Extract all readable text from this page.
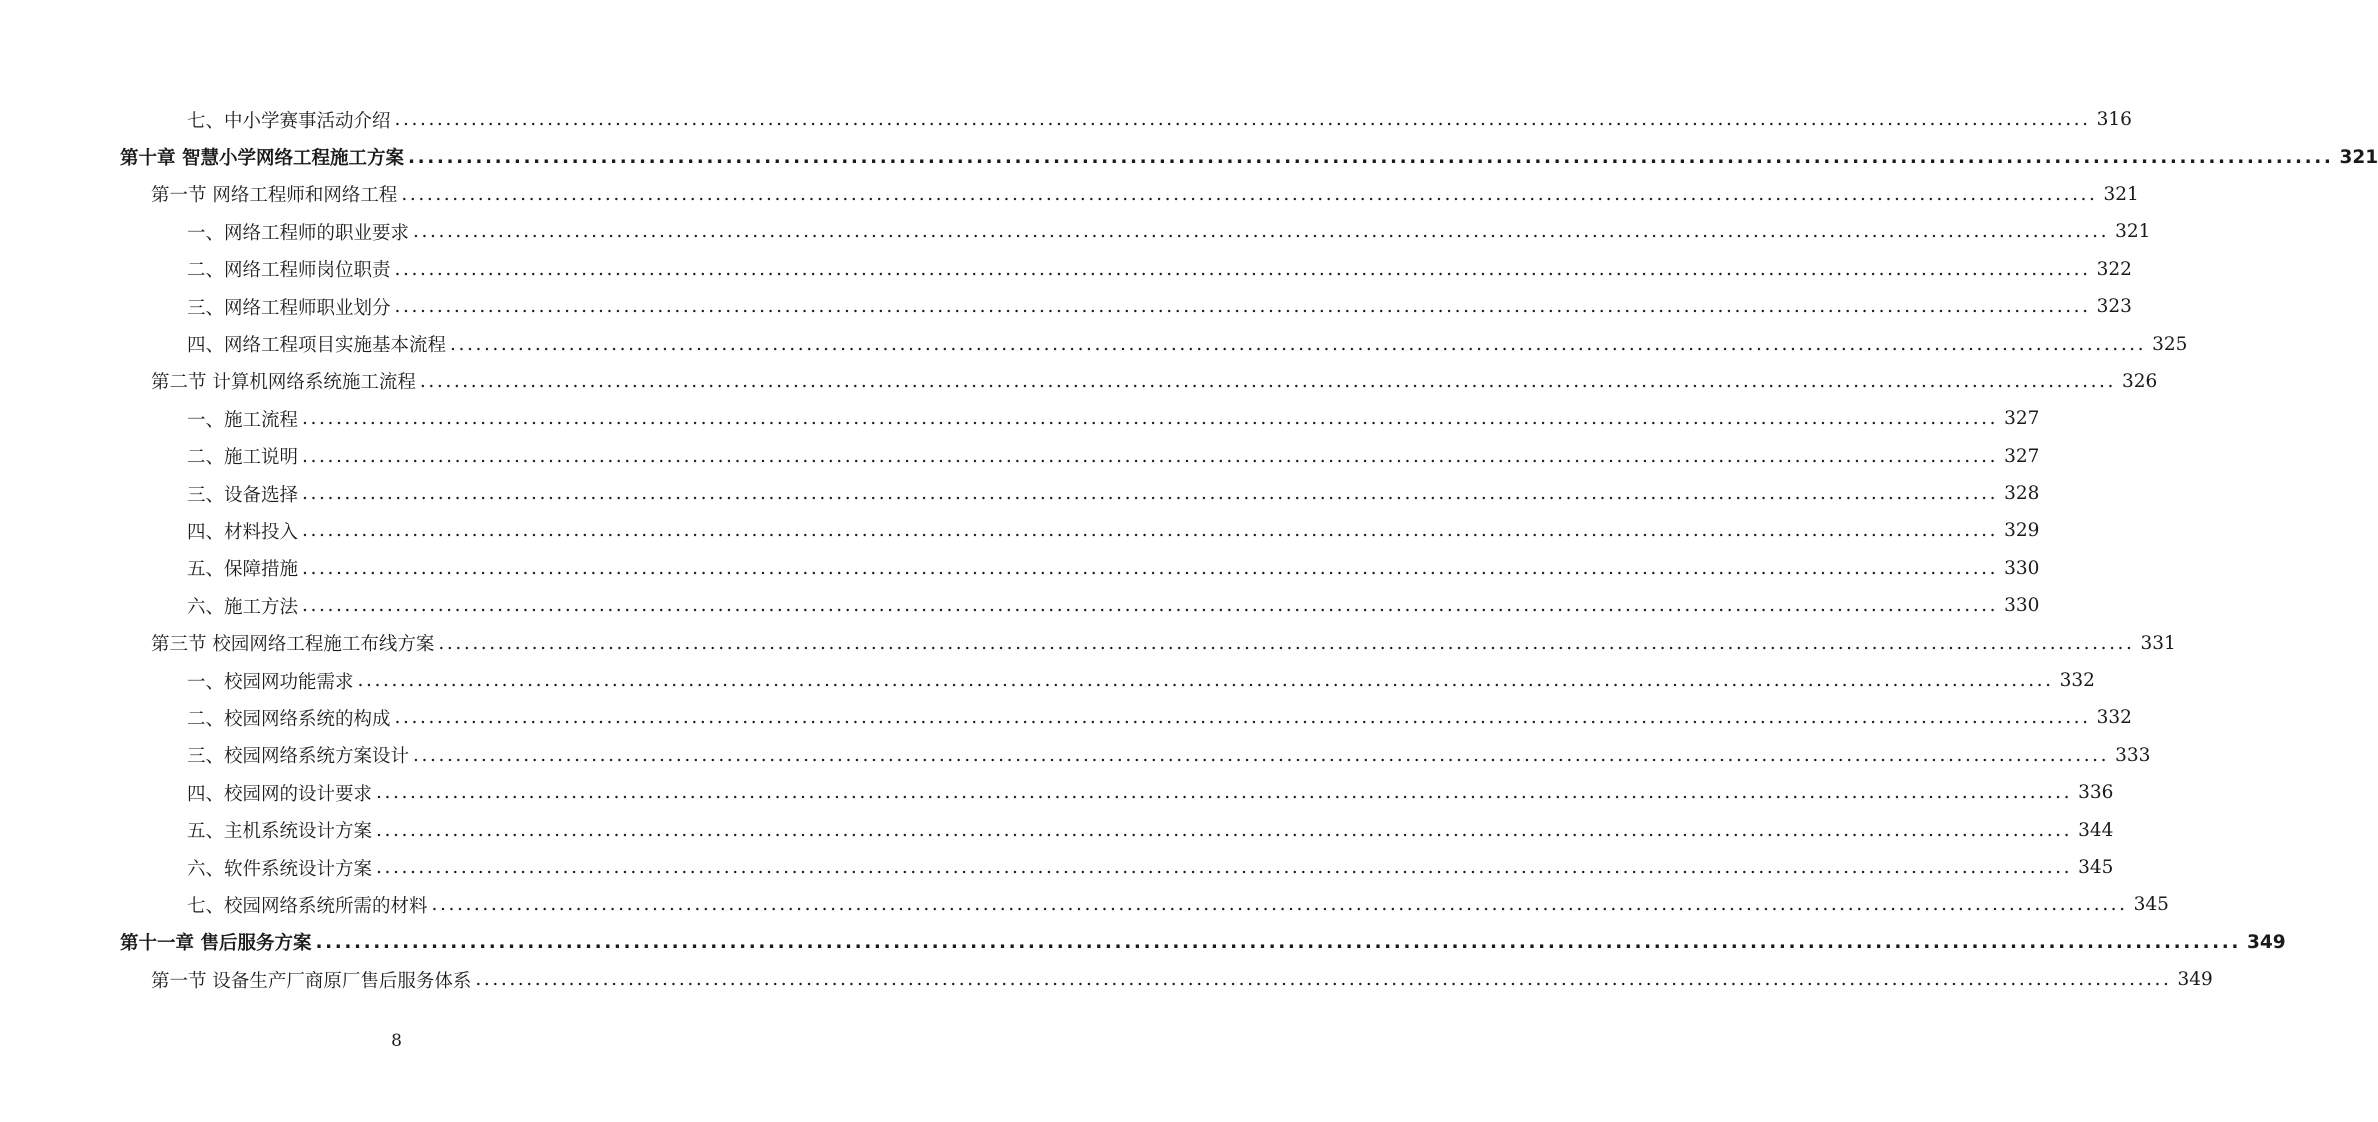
七、中小学赛事活动介绍 ........................................................................................................................................................................................................ 316
第十章 智慧小学网络工程施工方案 ........................................................................................................................................................................................................ 321
第一节 网络工程师和网络工程 ........................................................................................................................................................................................................ 321
一、网络工程师的职业要求 ........................................................................................................................................................................................................ 321
二、网络工程师岗位职责 ........................................................................................................................................................................................................ 322
三、网络工程师职业划分 ........................................................................................................................................................................................................ 323
四、网络工程项目实施基本流程 ........................................................................................................................................................................................................ 325
第二节 计算机网络系统施工流程 ........................................................................................................................................................................................................ 326
一、施工流程 ........................................................................................................................................................................................................ 327
二、施工说明 ........................................................................................................................................................................................................ 327
三、设备选择 ........................................................................................................................................................................................................ 328
四、材料投入 ........................................................................................................................................................................................................ 329
五、保障措施 ........................................................................................................................................................................................................ 330
六、施工方法 ........................................................................................................................................................................................................ 330
第三节 校园网络工程施工布线方案 ........................................................................................................................................................................................................ 331
一、校园网功能需求 ........................................................................................................................................................................................................ 332
二、校园网络系统的构成 ........................................................................................................................................................................................................ 332
三、校园网络系统方案设计 ........................................................................................................................................................................................................ 333
四、校园网的设计要求 ........................................................................................................................................................................................................ 336
五、主机系统设计方案 ........................................................................................................................................................................................................ 344
六、软件系统设计方案 ........................................................................................................................................................................................................ 345
七、校园网络系统所需的材料 ........................................................................................................................................................................................................ 345
第十一章 售后服务方案 ........................................................................................................................................................................................................ 349
第一节 设备生产厂商原厂售后服务体系 ........................................................................................................................................................................................................ 349
8
